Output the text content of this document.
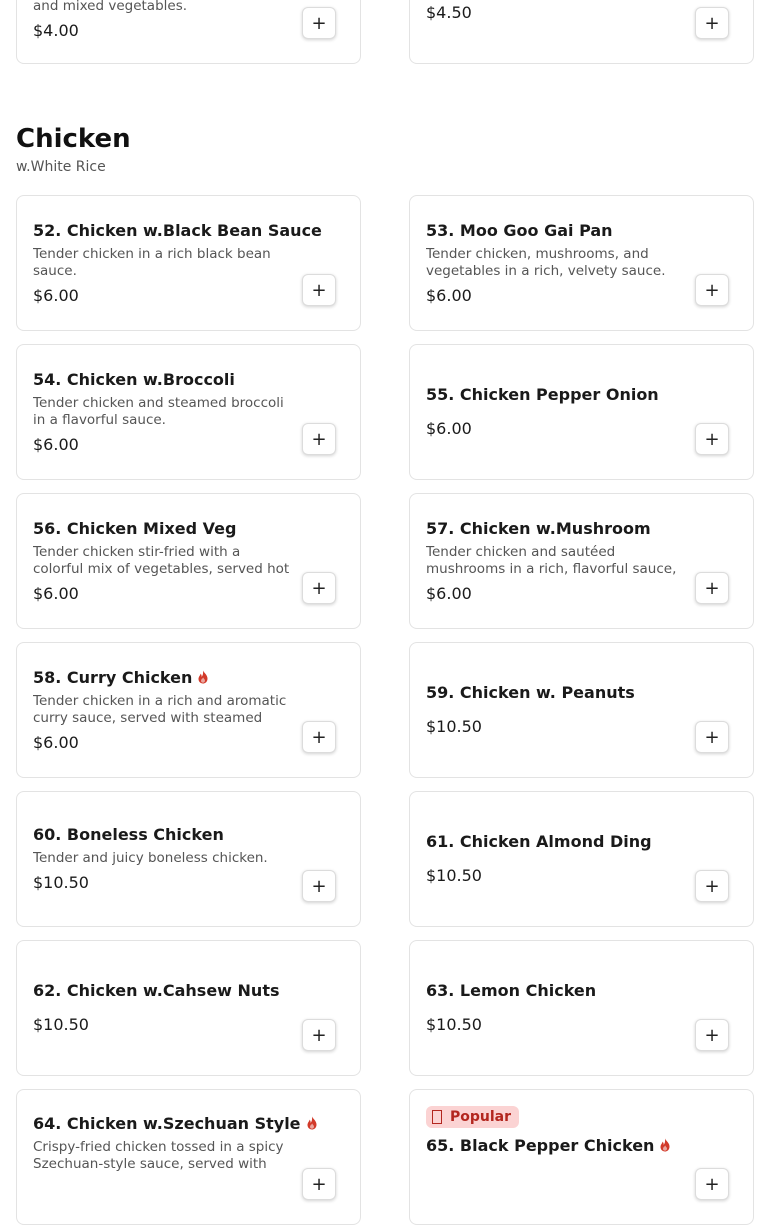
and mixed vegetables.
$4.00	+	$4.50	+
Chicken
w.White Rice
52. Chicken w.Black Bean Sauce
Tender chicken in a rich black bean sauce.
$6.00	+
53. Moo Goo Gai Pan
Tender chicken, mushrooms, and vegetables in a rich, velvety sauce.
$6.00	+
54. Chicken w.Broccoli
Tender chicken and steamed broccoli in a flavorful sauce.
$6.00	+
55. Chicken Pepper Onion
$6.00	+
56. Chicken Mixed Veg
Tender chicken stir-fried with a colorful mix of vegetables, served hot
$6.00	+
57. Chicken w.Mushroom
Tender chicken and sautéed mushrooms in a rich, flavorful sauce,
$6.00	+
58. Curry Chicken
Tender chicken in a rich and aromatic curry sauce, served with steamed
$6.00	+
59. Chicken w. Peanuts
$10.50	+
60. Boneless Chicken
Tender and juicy boneless chicken.
$10.50	+
61. Chicken Almond Ding
$10.50	+
62. Chicken w.Cahsew Nuts
$10.50	+
63. Lemon Chicken
$10.50	+
64. Chicken w.Szechuan Style
Crispy-fried chicken tossed in a spicy Szechuan-style sauce, served with
+
Popular
65. Black Pepper Chicken
+
